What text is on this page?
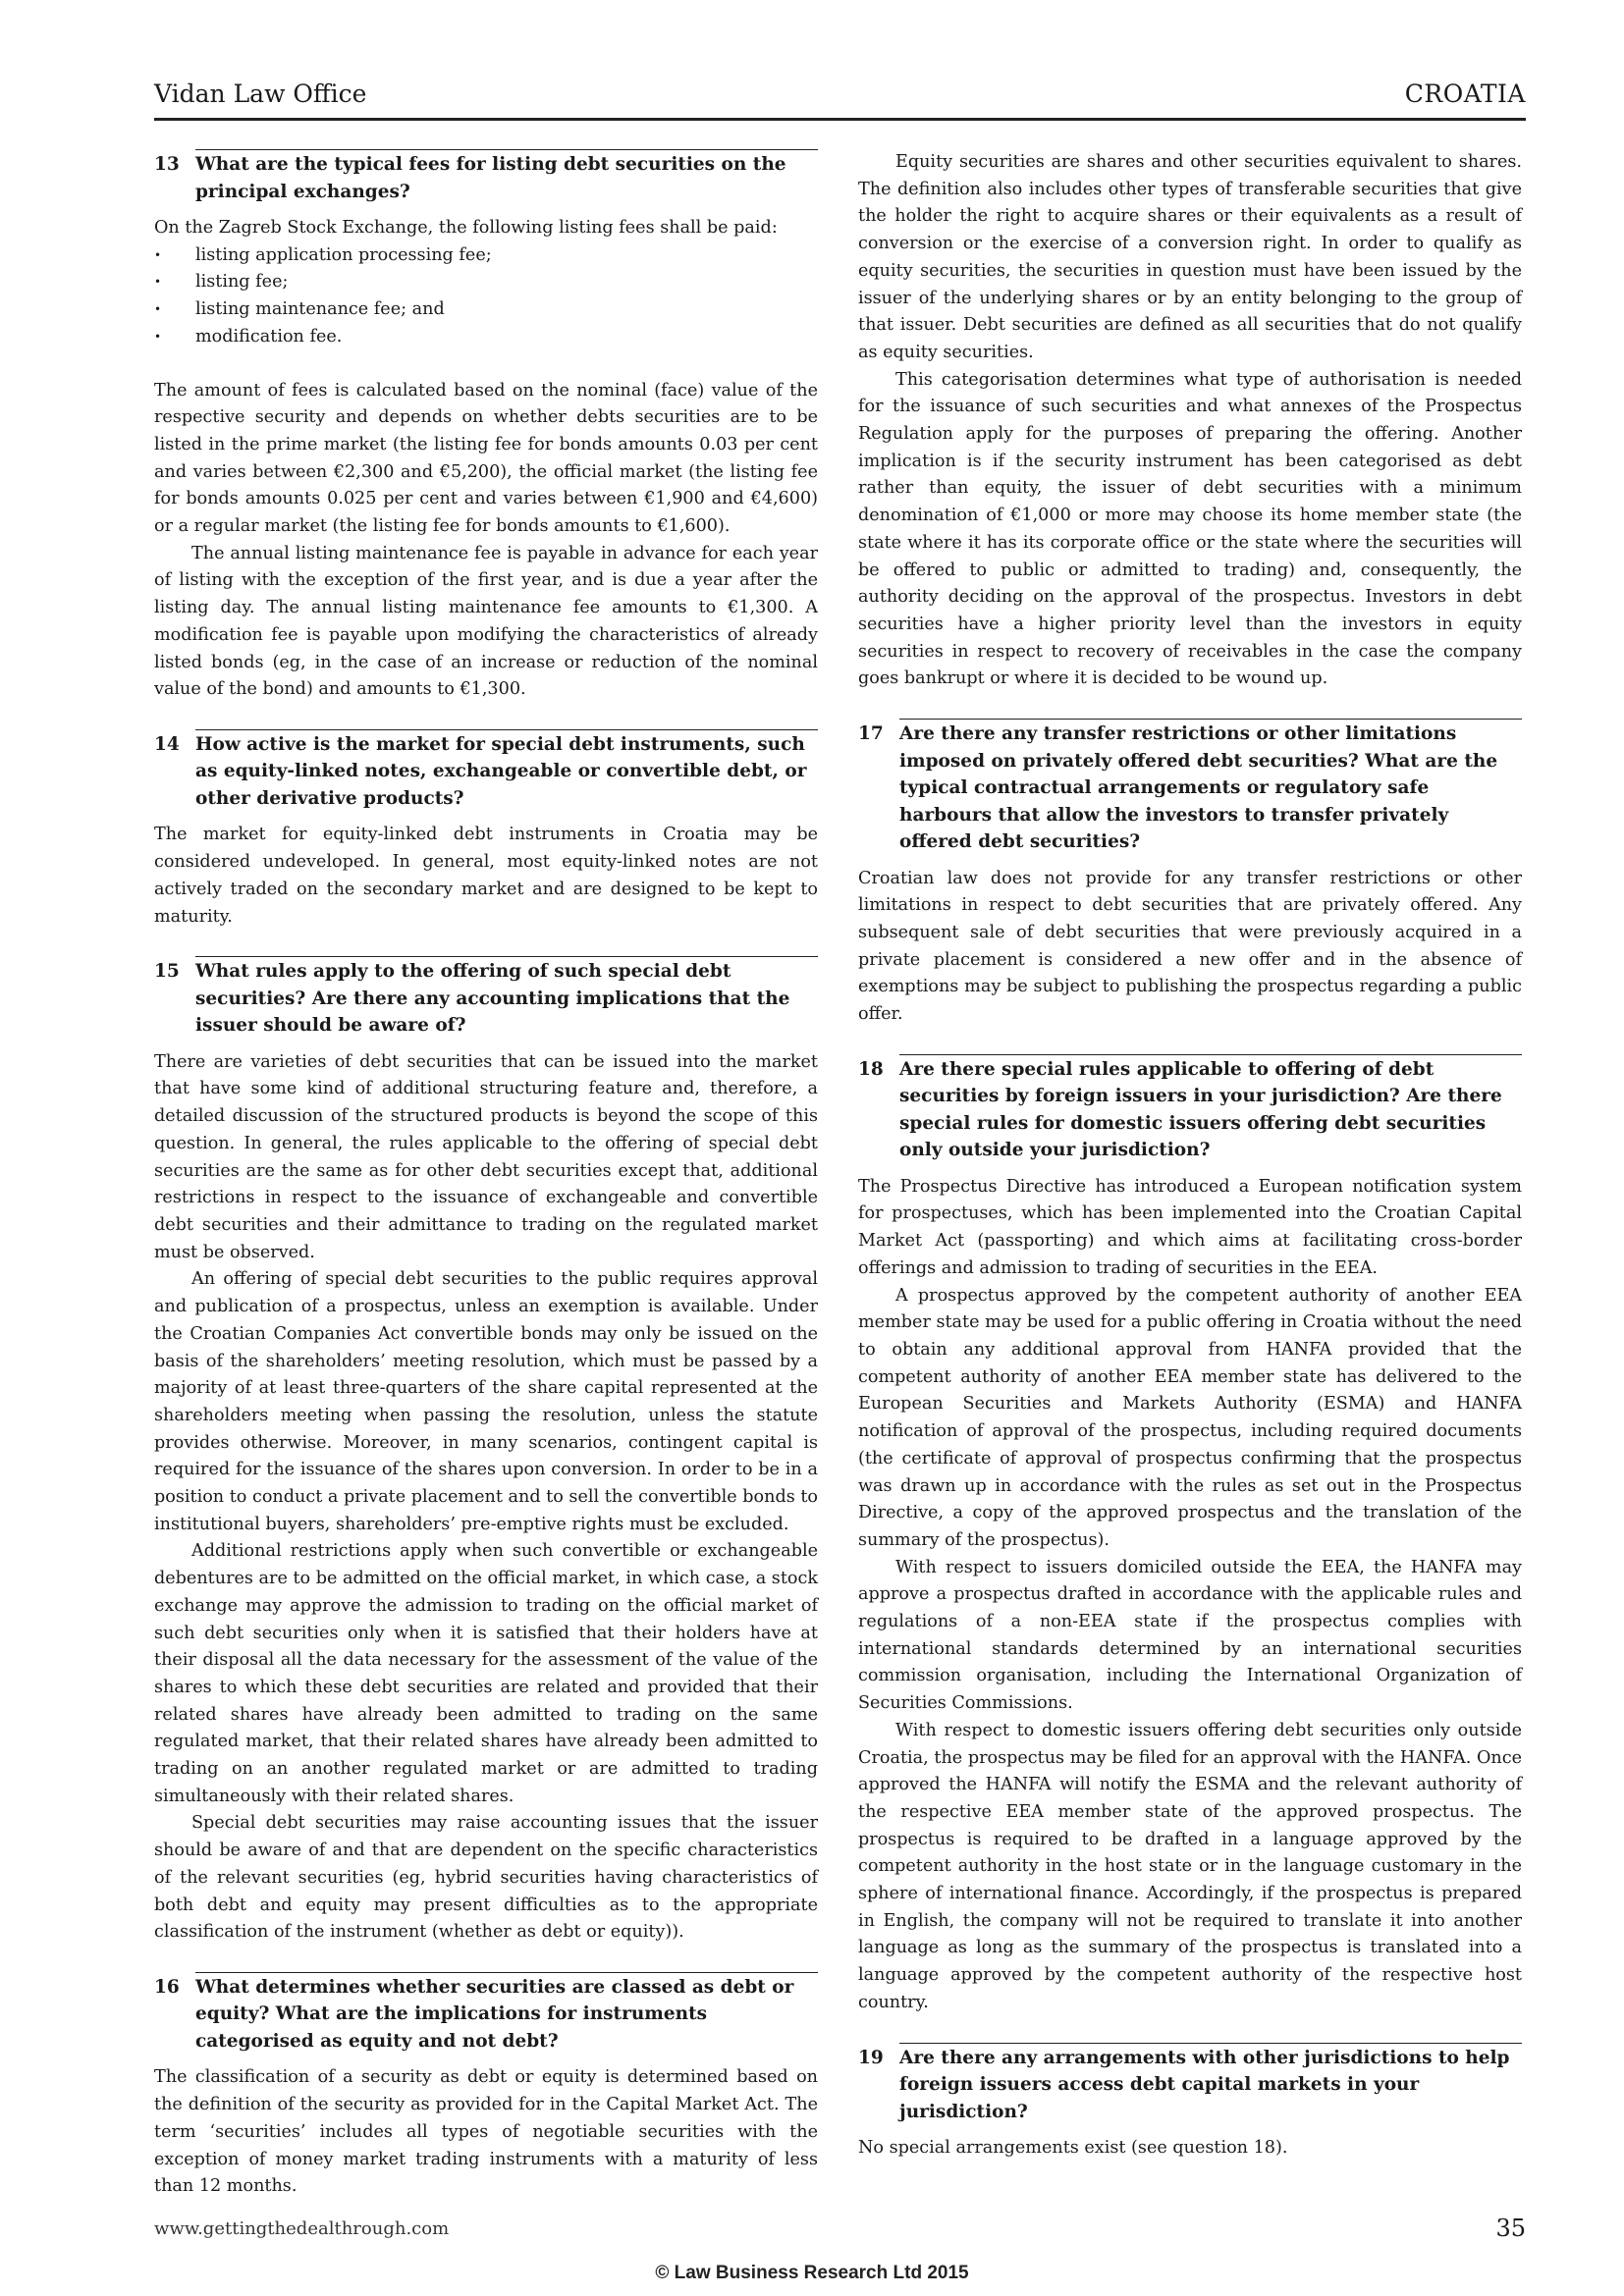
Vidan Law Office	CROATIA
13 What are the typical fees for listing debt securities on the principal exchanges?

On the Zagreb Stock Exchange, the following listing fees shall be paid:

• listing application processing fee;
• listing fee;
• listing maintenance fee; and
• modification fee.

The amount of fees is calculated based on the nominal (face) value of the respective security and depends on whether debts securities are to be listed in the prime market (the listing fee for bonds amounts 0.03 per cent and varies between €2,300 and €5,200), the official market (the listing fee for bonds amounts 0.025 per cent and varies between €1,900 and €4,600) or a regular market (the listing fee for bonds amounts to €1,600).

The annual listing maintenance fee is payable in advance for each year of listing with the exception of the first year, and is due a year after the listing day. The annual listing maintenance fee amounts to €1,300. A modification fee is payable upon modifying the characteristics of already listed bonds (eg, in the case of an increase or reduction of the nominal value of the bond) and amounts to €1,300.

14 How active is the market for special debt instruments, such as equity-linked notes, exchangeable or convertible debt, or other derivative products?

The market for equity-linked debt instruments in Croatia may be considered undeveloped. In general, most equity-linked notes are not actively traded on the secondary market and are designed to be kept to maturity.

15 What rules apply to the offering of such special debt securities? Are there any accounting implications that the issuer should be aware of?

There are varieties of debt securities that can be issued into the market that have some kind of additional structuring feature and, therefore, a detailed discussion of the structured products is beyond the scope of this question. In general, the rules applicable to the offering of special debt securities are the same as for other debt securities except that, additional restrictions in respect to the issuance of exchangeable and convertible debt securities and their admittance to trading on the regulated market must be observed.

An offering of special debt securities to the public requires approval and publication of a prospectus, unless an exemption is available. Under the Croatian Companies Act convertible bonds may only be issued on the basis of the shareholders’ meeting resolution, which must be passed by a majority of at least three-quarters of the share capital represented at the shareholders meeting when passing the resolution, unless the statute provides otherwise. Moreover, in many scenarios, contingent capital is required for the issuance of the shares upon conversion. In order to be in a position to conduct a private placement and to sell the convertible bonds to institutional buyers, shareholders’ pre-emptive rights must be excluded.

Additional restrictions apply when such convertible or exchangeable debentures are to be admitted on the official market, in which case, a stock exchange may approve the admission to trading on the official market of such debt securities only when it is satisfied that their holders have at their disposal all the data necessary for the assessment of the value of the shares to which these debt securities are related and provided that their related shares have already been admitted to trading on the same regulated market, that their related shares have already been admitted to trading on an another regulated market or are admitted to trading simultaneously with their related shares.

Special debt securities may raise accounting issues that the issuer should be aware of and that are dependent on the specific characteristics of the relevant securities (eg, hybrid securities having characteristics of both debt and equity may present difficulties as to the appropriate classification of the instrument (whether as debt or equity)).

16 What determines whether securities are classed as debt or equity? What are the implications for instruments categorised as equity and not debt?

The classification of a security as debt or equity is determined based on the definition of the security as provided for in the Capital Market Act. The term ‘securities’ includes all types of negotiable securities with the exception of money market trading instruments with a maturity of less than 12 months.

Equity securities are shares and other securities equivalent to shares. The definition also includes other types of transferable securities that give the holder the right to acquire shares or their equivalents as a result of conversion or the exercise of a conversion right. In order to qualify as equity securities, the securities in question must have been issued by the issuer of the underlying shares or by an entity belonging to the group of that issuer. Debt securities are defined as all securities that do not qualify as equity securities.

This categorisation determines what type of authorisation is needed for the issuance of such securities and what annexes of the Prospectus Regulation apply for the purposes of preparing the offering. Another implication is if the security instrument has been categorised as debt rather than equity, the issuer of debt securities with a minimum denomination of €1,000 or more may choose its home member state (the state where it has its corporate office or the state where the securities will be offered to public or admitted to trading) and, consequently, the authority deciding on the approval of the prospectus. Investors in debt securities have a higher priority level than the investors in equity securities in respect to recovery of receivables in the case the company goes bankrupt or where it is decided to be wound up.

17 Are there any transfer restrictions or other limitations imposed on privately offered debt securities? What are the typical contractual arrangements or regulatory safe harbours that allow the investors to transfer privately offered debt securities?

Croatian law does not provide for any transfer restrictions or other limitations in respect to debt securities that are privately offered. Any subsequent sale of debt securities that were previously acquired in a private placement is considered a new offer and in the absence of exemptions may be subject to publishing the prospectus regarding a public offer.

18 Are there special rules applicable to offering of debt securities by foreign issuers in your jurisdiction? Are there special rules for domestic issuers offering debt securities only outside your jurisdiction?

The Prospectus Directive has introduced a European notification system for prospectuses, which has been implemented into the Croatian Capital Market Act (passporting) and which aims at facilitating cross-border offerings and admission to trading of securities in the EEA.

A prospectus approved by the competent authority of another EEA member state may be used for a public offering in Croatia without the need to obtain any additional approval from HANFA provided that the competent authority of another EEA member state has delivered to the European Securities and Markets Authority (ESMA) and HANFA notification of approval of the prospectus, including required documents (the certificate of approval of prospectus confirming that the prospectus was drawn up in accordance with the rules as set out in the Prospectus Directive, a copy of the approved prospectus and the translation of the summary of the prospectus).

With respect to issuers domiciled outside the EEA, the HANFA may approve a prospectus drafted in accordance with the applicable rules and regulations of a non-EEA state if the prospectus complies with international standards determined by an international securities commission organisation, including the International Organization of Securities Commissions.

With respect to domestic issuers offering debt securities only outside Croatia, the prospectus may be filed for an approval with the HANFA. Once approved the HANFA will notify the ESMA and the relevant authority of the respective EEA member state of the approved prospectus. The prospectus is required to be drafted in a language approved by the competent authority in the host state or in the language customary in the sphere of international finance. Accordingly, if the prospectus is prepared in English, the company will not be required to translate it into another language as long as the summary of the prospectus is translated into a language approved by the competent authority of the respective host country.

19 Are there any arrangements with other jurisdictions to help foreign issuers access debt capital markets in your jurisdiction?

No special arrangements exist (see question 18).

www.gettingthedealthrough.com	35
© Law Business Research Ltd 2015
